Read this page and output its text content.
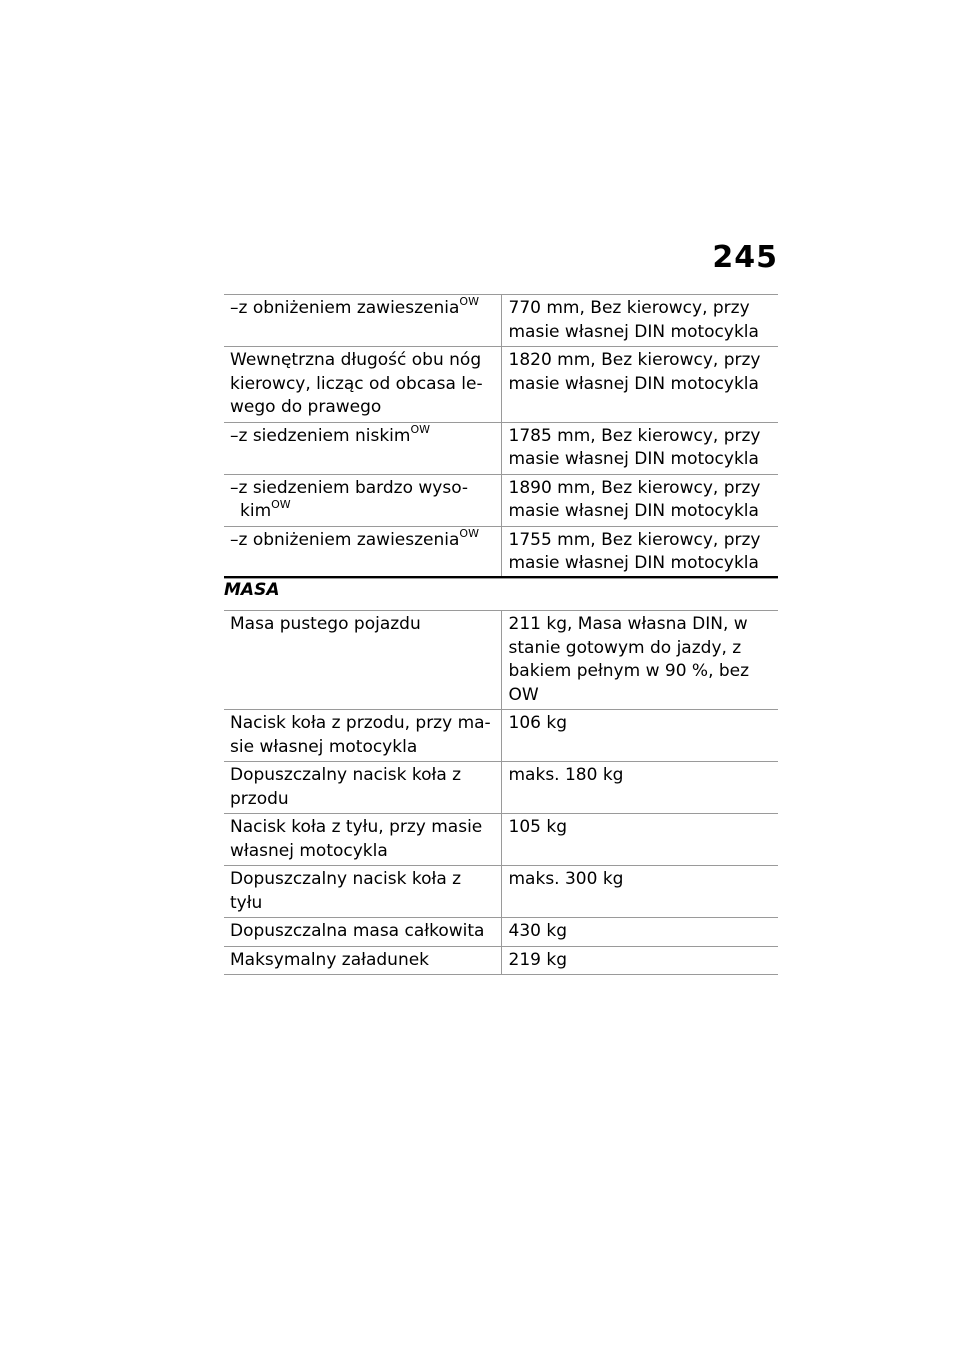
245
–z obniżeniem zawieszenia$^{OW}$	770 mm, Bez kierowcy, przy masie własnej DIN motocykla
Wewnętrzna długość obu nóg kierowcy, licząc od obcasa le-wego do prawego	1820 mm, Bez kierowcy, przy masie własnej DIN motocykla
–z siedzeniem niskim$^{OW}$	1785 mm, Bez kierowcy, przy masie własnej DIN motocykla
–z siedzeniem bardzo wyso-kim$^{OW}$	1890 mm, Bez kierowcy, przy masie własnej DIN motocykla
–z obniżeniem zawieszenia$^{OW}$	1755 mm, Bez kierowcy, przy masie własnej DIN motocykla
MASA
Masa pustego pojazdu	211 kg, Masa własna DIN, w stanie gotowym do jazdy, z bakiem pełnym w 90 %, bez OW
Nacisk koła z przodu, przy ma-sie własnej motocykla	106 kg
Dopuszczalny nacisk koła z przodu	maks. 180 kg
Nacisk koła z tyłu, przy masie własnej motocykla	105 kg
Dopuszczalny nacisk koła z tyłu	maks. 300 kg
Dopuszczalna masa całkowita	430 kg
Maksymalny załadunek	219 kg
